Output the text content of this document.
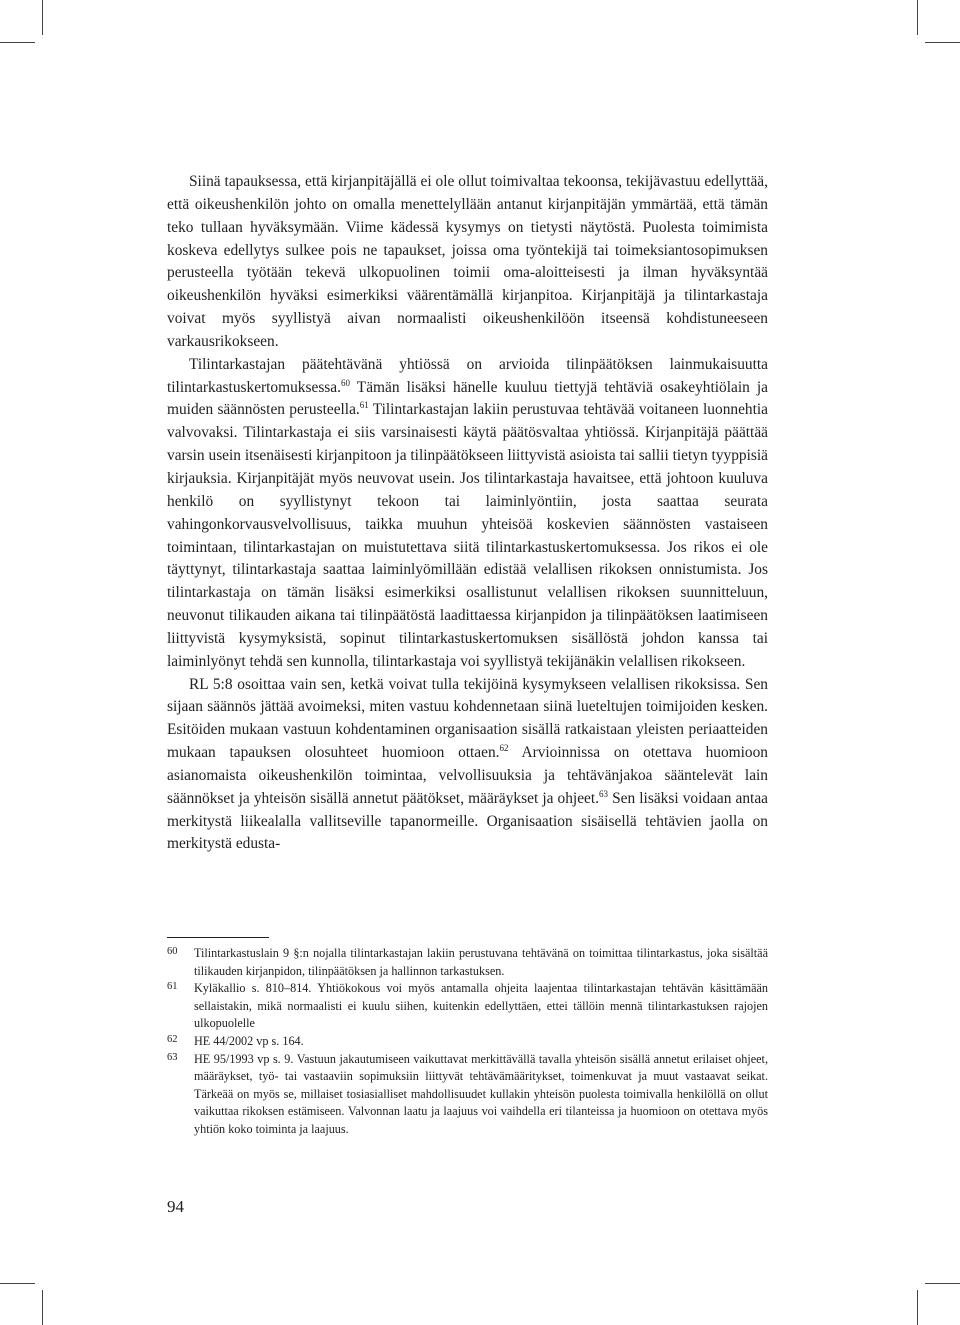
Siinä tapauksessa, että kirjanpitäjällä ei ole ollut toimivaltaa tekoonsa, tekijävastuu edellyttää, että oikeushenkilön johto on omalla menettelyllään antanut kirjanpitäjän ymmärtää, että tämän teko tullaan hyväksymään. Viime kädessä kysymys on tietysti näytöstä. Puolesta toimimista koskeva edellytys sulkee pois ne tapaukset, joissa oma työntekijä tai toimeksiantosopimuksen perusteella työtään tekevä ulkopuolinen toimii oma-aloitteisesti ja ilman hyväksyntää oikeushenkilön hyväksi esimerkiksi väärentämällä kirjanpitoa. Kirjanpitäjä ja tilintarkastaja voivat myös syyllistyä aivan normaalisti oikeushenkilöön itseensä kohdistuneeseen varkausrikokseen.

Tilintarkastajan päätehtävänä yhtiössä on arvioida tilinpäätöksen lainmukaisuutta tilintarkastuskertomuksessa.$^{60}$ Tämän lisäksi hänelle kuuluu tiettyjä tehtäviä osakeyhtiölain ja muiden säännösten perusteella.$^{61}$ Tilintarkastajan lakiin perustuvaa tehtävää voitaneen luonnehtia valvovaksi. Tilintarkastaja ei siis varsinaisesti käytä päätösvaltaa yhtiössä. Kirjanpitäjä päättää varsin usein itsenäisesti kirjanpitoon ja tilinpäätökseen liittyvistä asioista tai sallii tietyn tyyppisiä kirjauksia. Kirjanpitäjät myös neuvovat usein. Jos tilintarkastaja havaitsee, että johtoon kuuluva henkilö on syyllistynyt tekoon tai laiminlyöntiin, josta saattaa seurata vahingonkorvausvelvollisuus, taikka muuhun yhteisöä koskevien säännösten vastaiseen toimintaan, tilintarkastajan on muistutettava siitä tilintarkastuskertomuksessa. Jos rikos ei ole täyttynyt, tilintarkastaja saattaa laiminlyömillään edistää velallisen rikoksen onnistumista. Jos tilintarkastaja on tämän lisäksi esimerkiksi osallistunut velallisen rikoksen suunnitteluun, neuvonut tilikauden aikana tai tilinpäätöstä laadittaessa kirjanpidon ja tilinpäätöksen laatimiseen liittyvistä kysymyksistä, sopinut tilintarkastuskertomuksen sisällöstä johdon kanssa tai laiminlyönyt tehdä sen kunnolla, tilintarkastaja voi syyllistyä tekijänäkin velallisen rikokseen.

RL 5:8 osoittaa vain sen, ketkä voivat tulla tekijöinä kysymykseen velallisen rikoksissa. Sen sijaan säännös jättää avoimeksi, miten vastuu kohdennetaan siinä lueteltujen toimijoiden kesken. Esitöiden mukaan vastuun kohdentaminen organisaation sisällä ratkaistaan yleisten periaatteiden mukaan tapauksen olosuhteet huomioon ottaen.$^{62}$ Arvioinnissa on otettava huomioon asianomaista oikeushenkilön toimintaa, velvollisuuksia ja tehtävänjakoa sääntelevät lain säännökset ja yhteisön sisällä annetut päätökset, määräykset ja ohjeet.$^{63}$ Sen lisäksi voidaan antaa merkitystä liikealalla vallitseville tapanormeille. Organisaation sisäisellä tehtävien jaolla on merkitystä edusta-

60 Tilintarkastuslain 9 §:n nojalla tilintarkastajan lakiin perustuvana tehtävänä on toimittaa tilintarkastus, joka sisältää tilikauden kirjanpidon, tilinpäätöksen ja hallinnon tarkastuksen.
61 Kyläkallio s. 810–814. Yhtiökokous voi myös antamalla ohjeita laajentaa tilintarkastajan tehtävän käsittämään sellaistakin, mikä normaalisti ei kuulu siihen, kuitenkin edellyttäen, ettei tällöin mennä tilintarkastuksen rajojen ulkopuolelle
62 HE 44/2002 vp s. 164.
63 HE 95/1993 vp s. 9. Vastuun jakautumiseen vaikuttavat merkittävällä tavalla yhteisön sisällä annetut erilaiset ohjeet, määräykset, työ- tai vastaaviin sopimuksiin liittyvät tehtävämääritykset, toimenkuvat ja muut vastaavat seikat. Tärkeää on myös se, millaiset tosiasialliset mahdollisuudet kullakin yhteisön puolesta toimivalla henkilöllä on ollut vaikuttaa rikoksen estämiseen. Valvonnan laatu ja laajuus voi vaihdella eri tilanteissa ja huomioon on otettava myös yhtiön koko toiminta ja laajuus.
94
